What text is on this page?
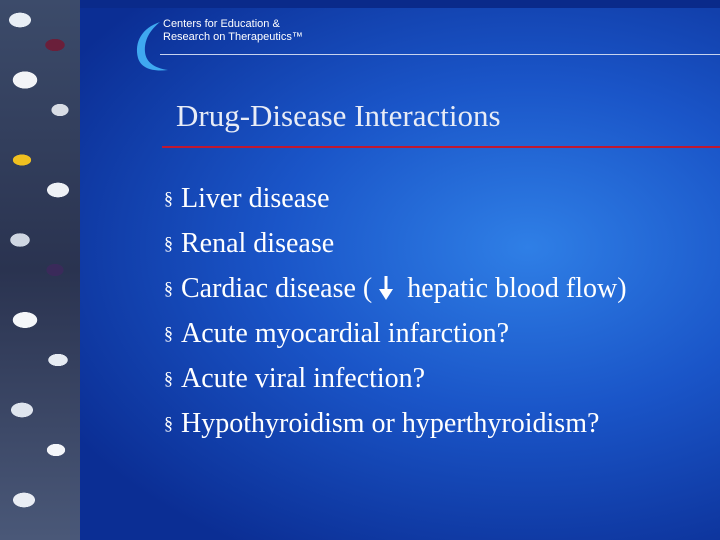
Centers for Education &
Research on Therapeutics™
Drug-Disease Interactions
§ Liver disease
§ Renal disease
§ Cardiac disease ( hepatic blood flow)
§ Acute myocardial infarction?
§ Acute viral infection?
§ Hypothyroidism or hyperthyroidism?
